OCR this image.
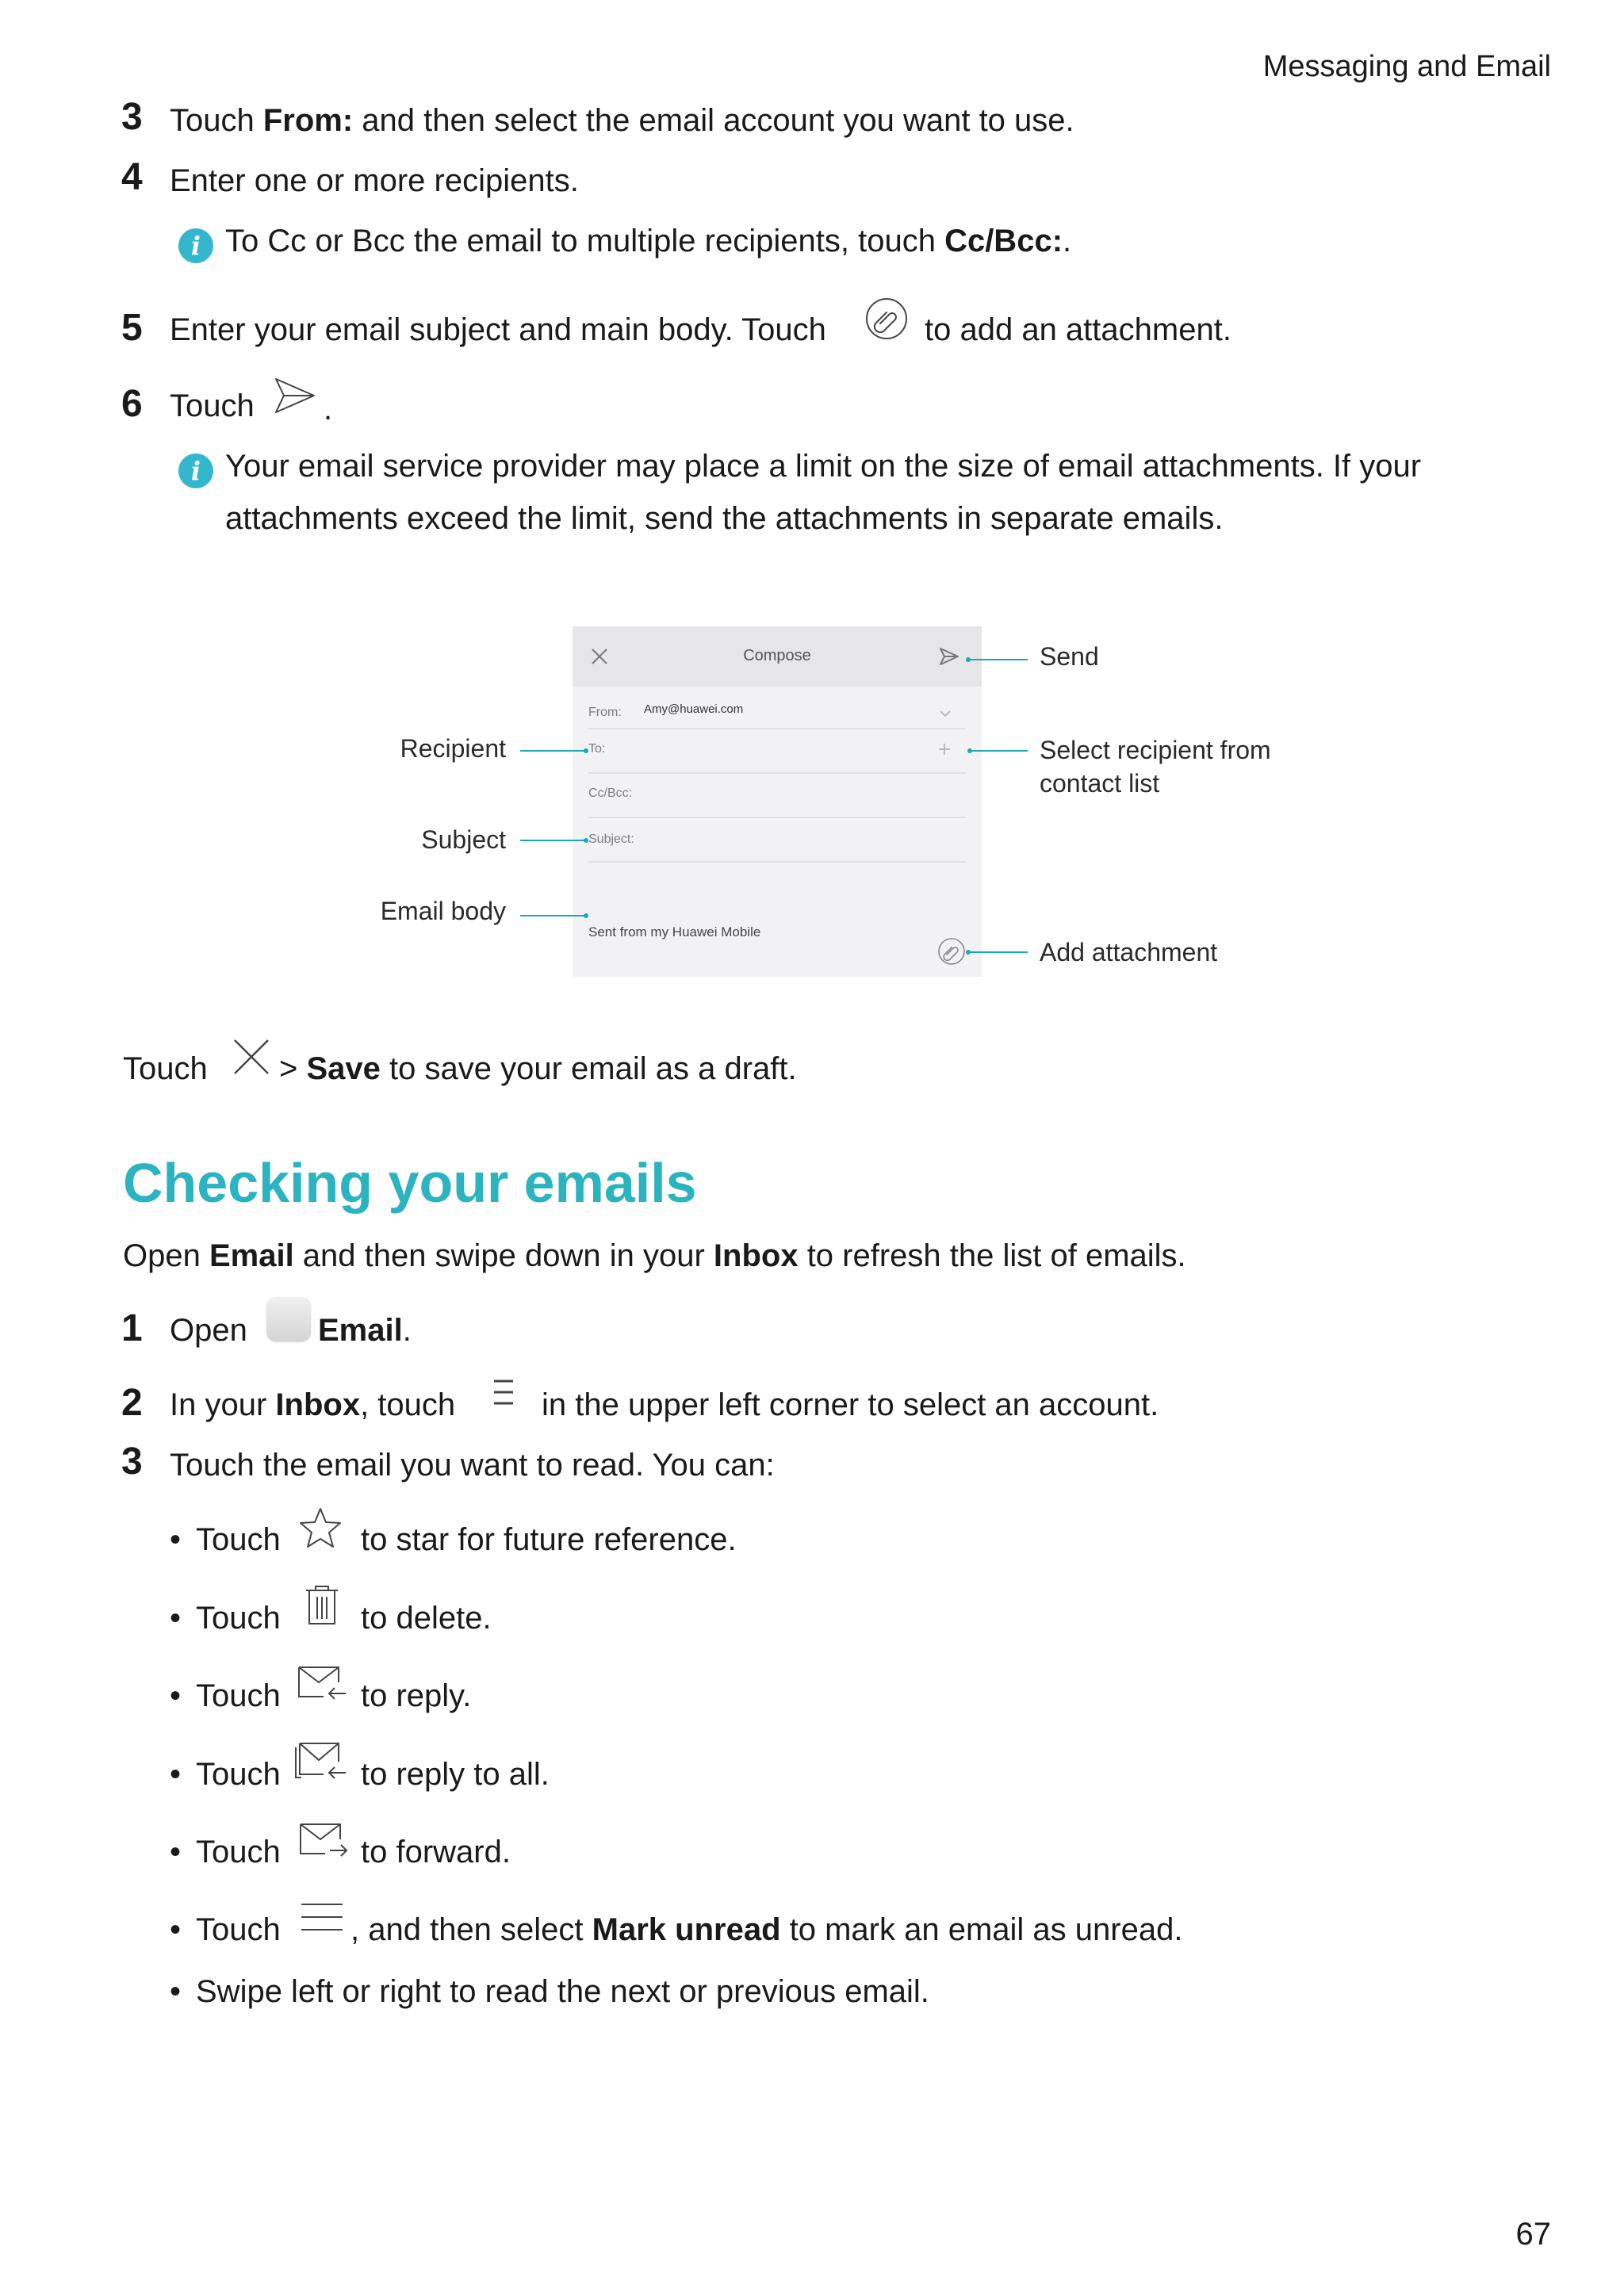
Messaging and Email
3 Touch From: and then select the email account you want to use.
4 Enter one or more recipients.
i To Cc or Bcc the email to multiple recipients, touch Cc/Bcc:.
5 Enter your email subject and main body. Touch	to add an attachment.
6 Touch .
i Your email service provider may place a limit on the size of email attachments. If your
attachments exceed the limit, send the attachments in separate emails.
Compose
From: Amy@huawei.com
To:
Cc/Bcc:
Subject:
Sent from my Huawei Mobile
Send
Recipient	Select recipient from
contact list
Subject
Email body
Add attachment
Touch > Save to save your email as a draft.
Checking your emails
Open Email and then swipe down in your Inbox to refresh the list of emails.
1 Open Email.
2 In your Inbox, touch	in the upper left corner to select an account.
3 Touch the email you want to read. You can:
• Touch	to star for future reference.
• Touch	to delete.
• Touch	to reply.
• Touch	to reply to all.
• Touch	to forward.
• Touch , and then select Mark unread to mark an email as unread.
• Swipe left or right to read the next or previous email.
67
